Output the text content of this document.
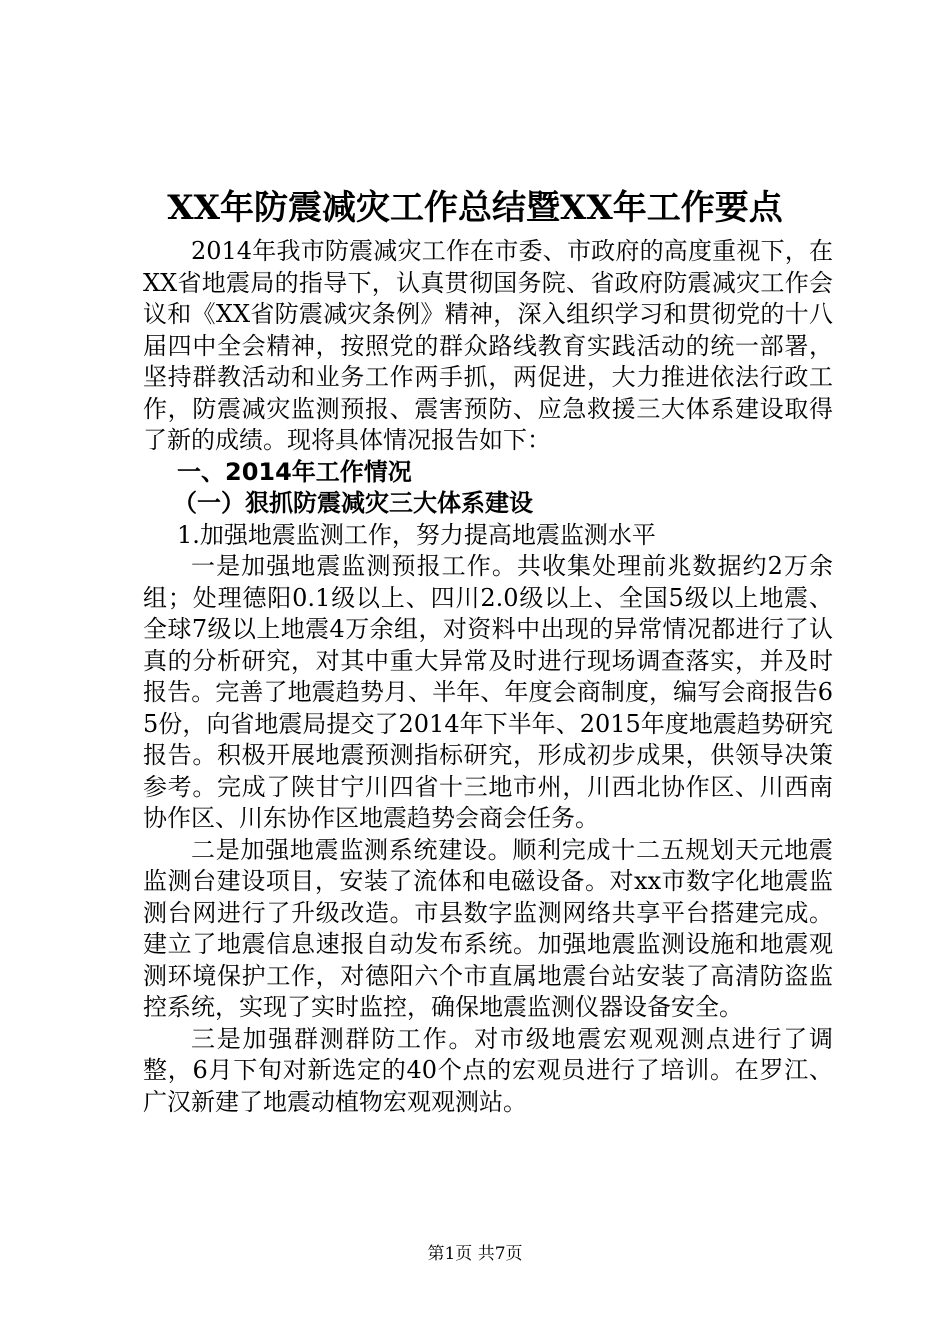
XX年防震减灾工作总结暨XX年工作要点

2014年我市防震减灾工作在市委、市政府的高度重视下，在XX省地震局的指导下，认真贯彻国务院、省政府防震减灾工作会议和《XX省防震减灾条例》精神，深入组织学习和贯彻党的十八届四中全会精神，按照党的群众路线教育实践活动的统一部署，坚持群教活动和业务工作两手抓，两促进，大力推进依法行政工作，防震减灾监测预报、震害预防、应急救援三大体系建设取得了新的成绩。现将具体情况报告如下：

一、2014年工作情况

（一）狠抓防震减灾三大体系建设

1.加强地震监测工作，努力提高地震监测水平

一是加强地震监测预报工作。共收集处理前兆数据约2万余组；处理德阳0.1级以上、四川2.0级以上、全国5级以上地震、全球7级以上地震4万余组，对资料中出现的异常情况都进行了认真的分析研究，对其中重大异常及时进行现场调查落实，并及时报告。完善了地震趋势月、半年、年度会商制度，编写会商报告65份，向省地震局提交了2014年下半年、2015年度地震趋势研究报告。积极开展地震预测指标研究，形成初步成果，供领导决策参考。完成了陕甘宁川四省十三地市州，川西北协作区、川西南协作区、川东协作区地震趋势会商会任务。

二是加强地震监测系统建设。顺利完成十二五规划天元地震监测台建设项目，安装了流体和电磁设备。对xx市数字化地震监测台网进行了升级改造。市县数字监测网络共享平台搭建完成。建立了地震信息速报自动发布系统。加强地震监测设施和地震观测环境保护工作，对德阳六个市直属地震台站安装了高清防盗监控系统，实现了实时监控，确保地震监测仪器设备安全。

三是加强群测群防工作。对市级地震宏观观测点进行了调整，6月下旬对新选定的40个点的宏观员进行了培训。在罗江、广汉新建了地震动植物宏观观测站。

第1页 共7页
